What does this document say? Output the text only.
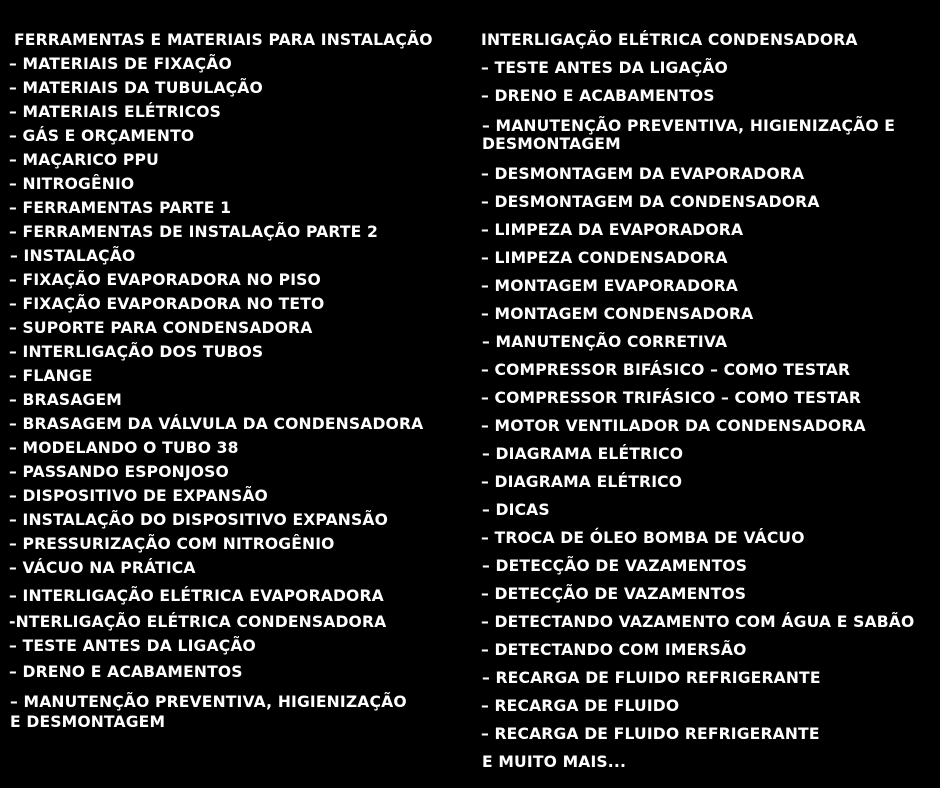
FERRAMENTAS E MATERIAIS PARA INSTALAÇÃO
– MATERIAIS DE FIXAÇÃO
– MATERIAIS DA TUBULAÇÃO
– MATERIAIS ELÉTRICOS
– GÁS E ORÇAMENTO
– MAÇARICO PPU
– NITROGÊNIO
– FERRAMENTAS PARTE 1
– FERRAMENTAS DE INSTALAÇÃO PARTE 2
– INSTALAÇÃO
– FIXAÇÃO EVAPORADORA NO PISO
– FIXAÇÃO EVAPORADORA NO TETO
– SUPORTE PARA CONDENSADORA
– INTERLIGAÇÃO DOS TUBOS
– FLANGE
– BRASAGEM
– BRASAGEM DA VÁLVULA DA CONDENSADORA
– MODELANDO O TUBO 38
– PASSANDO ESPONJOSO
– DISPOSITIVO DE EXPANSÃO
– INSTALAÇÃO DO DISPOSITIVO EXPANSÃO
– PRESSURIZAÇÃO COM NITROGÊNIO
– VÁCUO NA PRÁTICA
– INTERLIGAÇÃO ELÉTRICA EVAPORADORA
-NTERLIGAÇÃO ELÉTRICA CONDENSADORA
– TESTE ANTES DA LIGAÇÃO
– DRENO E ACABAMENTOS
– MANUTENÇÃO PREVENTIVA, HIGIENIZAÇÃO
E DESMONTAGEM
INTERLIGAÇÃO ELÉTRICA CONDENSADORA
– TESTE ANTES DA LIGAÇÃO
– DRENO E ACABAMENTOS
– MANUTENÇÃO PREVENTIVA, HIGIENIZAÇÃO E
DESMONTAGEM
– DESMONTAGEM DA EVAPORADORA
– DESMONTAGEM DA CONDENSADORA
– LIMPEZA DA EVAPORADORA
– LIMPEZA CONDENSADORA
– MONTAGEM EVAPORADORA
– MONTAGEM CONDENSADORA
– MANUTENÇÃO CORRETIVA
– COMPRESSOR BIFÁSICO – COMO TESTAR
– COMPRESSOR TRIFÁSICO – COMO TESTAR
– MOTOR VENTILADOR DA CONDENSADORA
– DIAGRAMA ELÉTRICO
– DIAGRAMA ELÉTRICO
– DICAS
– TROCA DE ÓLEO BOMBA DE VÁCUO
– DETECÇÃO DE VAZAMENTOS
– DETECÇÃO DE VAZAMENTOS
– DETECTANDO VAZAMENTO COM ÁGUA E SABÃO
– DETECTANDO COM IMERSÃO
– RECARGA DE FLUIDO REFRIGERANTE
– RECARGA DE FLUIDO
– RECARGA DE FLUIDO REFRIGERANTE
E MUITO MAIS...
